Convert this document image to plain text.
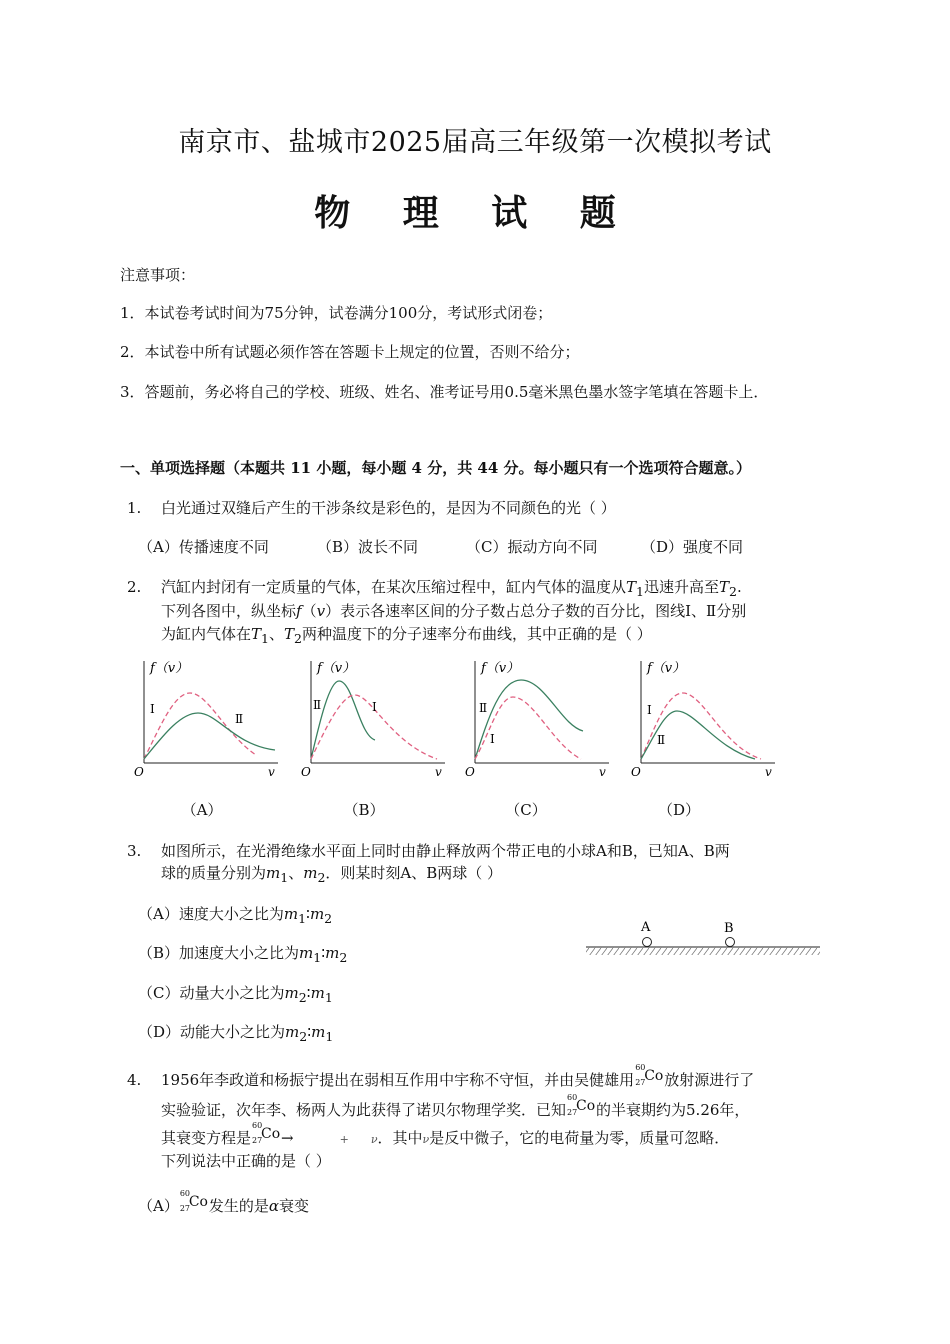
南京市、盐城市2025届高三年级第一次模拟考试
物 理 试 题
注意事项：
1．本试卷考试时间为75分钟，试卷满分100分，考试形式闭卷；
2．本试卷中所有试题必须作答在答题卡上规定的位置，否则不给分；
3．答题前，务必将自己的学校、班级、姓名、准考证号用0.5毫米黑色墨水签字笔填在答题卡上．
一、单项选择题（本题共 11 小题，每小题 4 分，共 44 分。每小题只有一个选项符合题意。）
1. 白光通过双缝后产生的干涉条纹是彩色的，是因为不同颜色的光（ ）
（A）传播速度不同	（B）波长不同	（C）振动方向不同	（D）强度不同
2. 汽缸内封闭有一定质量的气体，在某次压缩过程中，缸内气体的温度从$T_1$迅速升高至$T_2$.
下列各图中，纵坐标f（v）表示各速率区间的分子数占总分子数的百分比，图线Ⅰ、Ⅱ分别
为缸内气体在$T_1$、$T_2$两种温度下的分子速率分布曲线，其中正确的是（ ）
f（v）
O	v
Ⅰ
Ⅱ
f（v）
O	v
Ⅱ	Ⅰ
f（v）
O	v
Ⅱ
Ⅰ
f（v）
O	v
Ⅰ
Ⅱ
（A）	（B）	（C）	（D）
3. 如图所示，在光滑绝缘水平面上同时由静止释放两个带正电的小球A和B，已知A、B两
球的质量分别为$m_1$、$m_2$．则某时刻A、B两球（ ）
（A）速度大小之比为$m_1∶m_2$
（B）加速度大小之比为$m_1∶m_2$
（C）动量大小之比为$m_2∶m_1$
（D）动能大小之比为$m_2∶m_1$
A	B
4. 1956年李政道和杨振宁提出在弱相互作用中宇称不守恒，并由吴健雄用
60
27
Co 放射源进行了
实验验证，次年李、杨两人为此获得了诺贝尔物理学奖．已知
60
27
Co 的半衰期约为5.26年，
其衰变方程是
60
27
Co →	+ ν．其中ν是反中微子，它的电荷量为零，质量可忽略．
下列说法中正确的是（ ）
（A）
60
27
Co 发生的是α衰变
